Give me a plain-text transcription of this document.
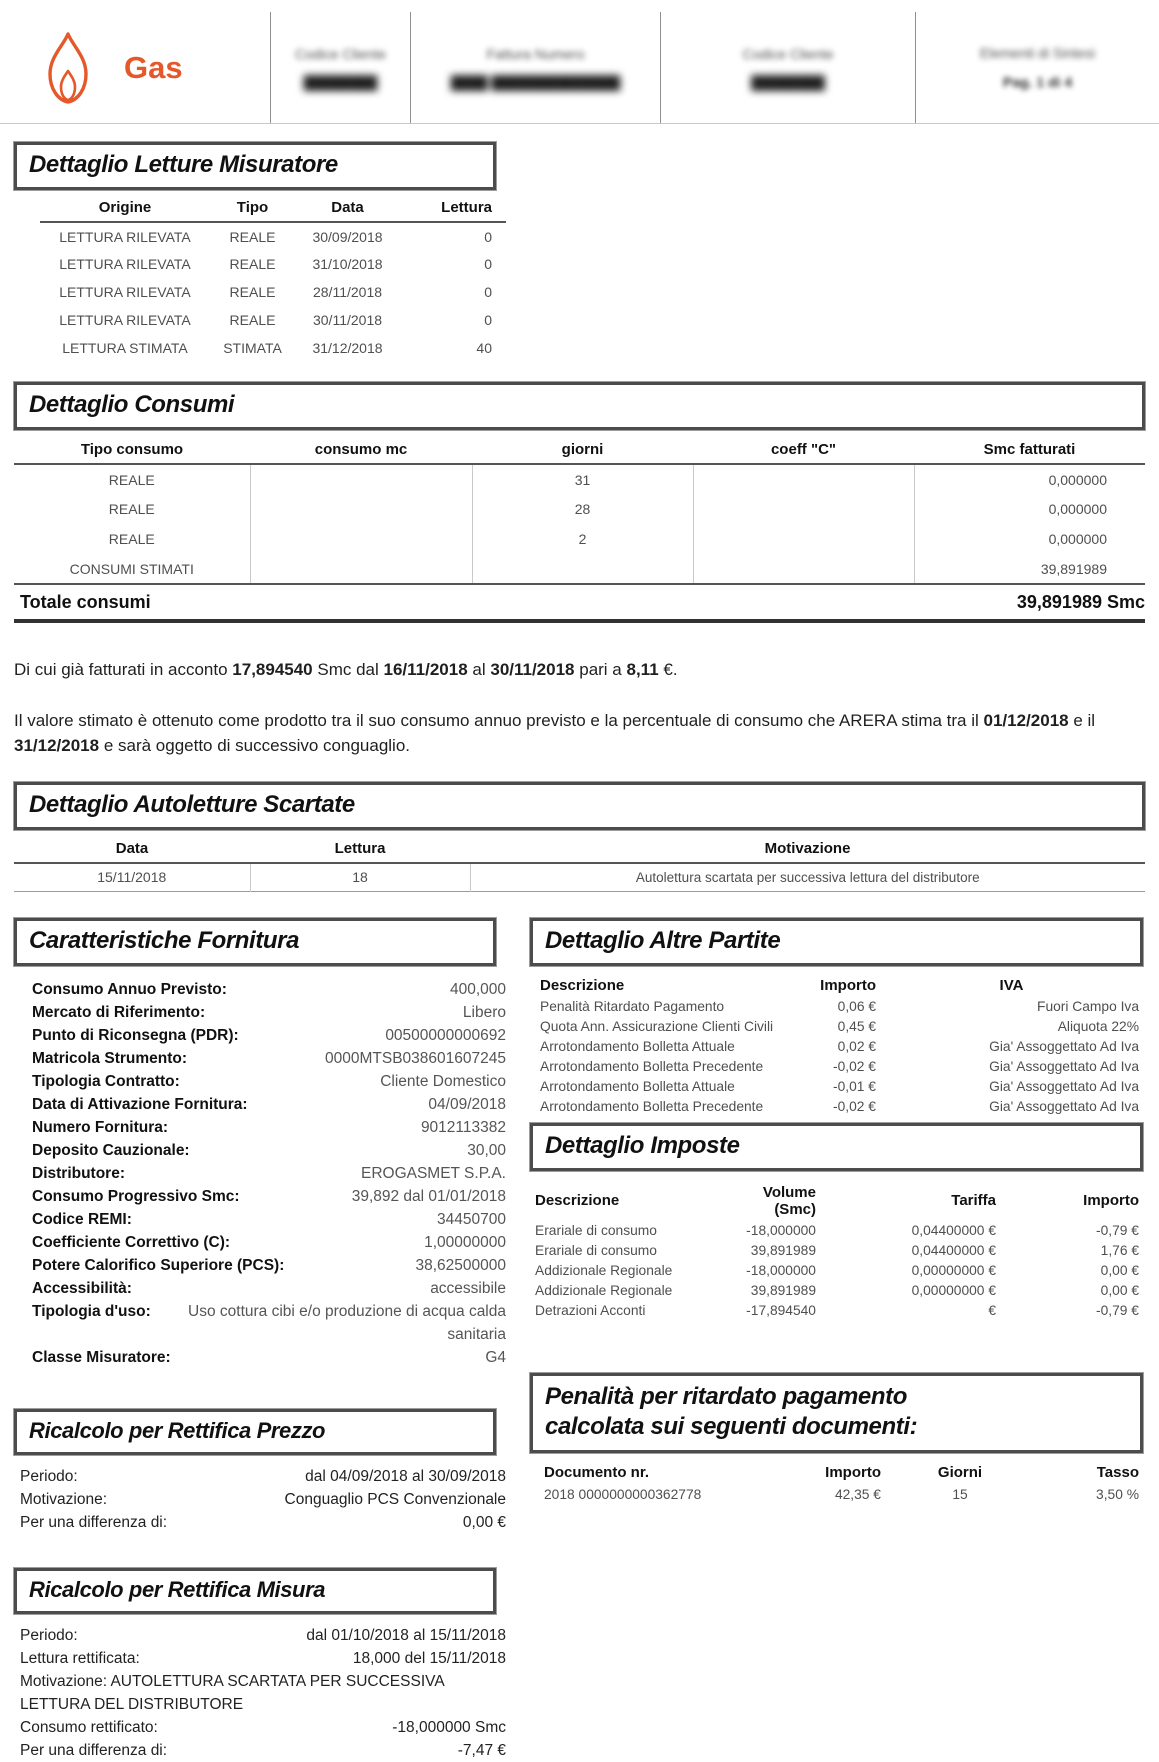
Gas	Codice Cliente
████████
Fattura Numero
████ ██████████████
Codice Cliente
████████
Elementi di Sintesi
Pag. 1 di 4
Dettaglio Letture Misuratore
Origine	Tipo	Data	Lettura
LETTURA RILEVATA	REALE	30/09/2018	0
LETTURA RILEVATA	REALE	31/10/2018	0
LETTURA RILEVATA	REALE	28/11/2018	0
LETTURA RILEVATA	REALE	30/11/2018	0
LETTURA STIMATA	STIMATA	31/12/2018	40
Dettaglio Consumi
Tipo consumo	consumo mc	giorni	coeff "C"	Smc fatturati
REALE		31		0,000000
REALE		28		0,000000
REALE		2		0,000000
CONSUMI STIMATI				39,891989
Totale consumi	39,891989 Smc

Di cui già fatturati in acconto 17,894540 Smc dal 16/11/2018 al 30/11/2018 pari a 8,11 €.

Il valore stimato è ottenuto come prodotto tra il suo consumo annuo previsto e la percentuale di consumo che ARERA stima tra il 01/12/2018 e il 31/12/2018 e sarà oggetto di successivo conguaglio.

Dettaglio Autoletture Scartate
Data	Lettura	Motivazione
15/11/2018	18	Autolettura scartata per successiva lettura del distributore
Caratteristiche Fornitura
Consumo Annuo Previsto:	400,000
Mercato di Riferimento:	Libero
Punto di Riconsegna (PDR):	00500000000692
Matricola Strumento:	0000MTSB038601607245
Tipologia Contratto:	Cliente Domestico
Data di Attivazione Fornitura:	04/09/2018
Numero Fornitura:	9012113382
Deposito Cauzionale:	30,00
Distributore:	EROGASMET S.P.A.
Consumo Progressivo Smc:	39,892 dal 01/01/2018
Codice REMI:	34450700
Coefficiente Correttivo (C):	1,00000000
Potere Calorifico Superiore (PCS):	38,62500000
Accessibilità:	accessibile
Tipologia d'uso:	Uso cottura cibi e/o produzione di acqua calda sanitaria
Classe Misuratore:	G4
Ricalcolo per Rettifica Prezzo
Periodo:	dal 04/09/2018 al 30/09/2018
Motivazione:	Conguaglio PCS Convenzionale
Per una differenza di:	0,00 €
Ricalcolo per Rettifica Misura
Periodo:	dal 01/10/2018 al 15/11/2018
Lettura rettificata:	18,000 del 15/11/2018
Motivazione: AUTOLETTURA SCARTATA PER SUCCESSIVA LETTURA DEL DISTRIBUTORE
Consumo rettificato:	-18,000000 Smc
Per una differenza di:	-7,47 €
Dettaglio Altre Partite
Descrizione	Importo	IVA
Penalità Ritardato Pagamento	0,06 €	Fuori Campo Iva
Quota Ann. Assicurazione Clienti Civili	0,45 €	Aliquota 22%
Arrotondamento Bolletta Attuale	0,02 €	Gia' Assoggettato Ad Iva
Arrotondamento Bolletta Precedente	-0,02 €	Gia' Assoggettato Ad Iva
Arrotondamento Bolletta Attuale	-0,01 €	Gia' Assoggettato Ad Iva
Arrotondamento Bolletta Precedente	-0,02 €	Gia' Assoggettato Ad Iva
Dettaglio Imposte
Descrizione	Volume (Smc)	Tariffa	Importo
Erariale di consumo	-18,000000	0,04400000 €	-0,79 €
Erariale di consumo	39,891989	0,04400000 €	1,76 €
Addizionale Regionale	-18,000000	0,00000000 €	0,00 €
Addizionale Regionale	39,891989	0,00000000 €	0,00 €
Detrazioni Acconti	-17,894540	€	-0,79 €
Penalità per ritardato pagamento
calcolata sui seguenti documenti:
Documento nr.	Importo	Giorni	Tasso
2018 0000000000362778	42,35 €	15	3,50 %
